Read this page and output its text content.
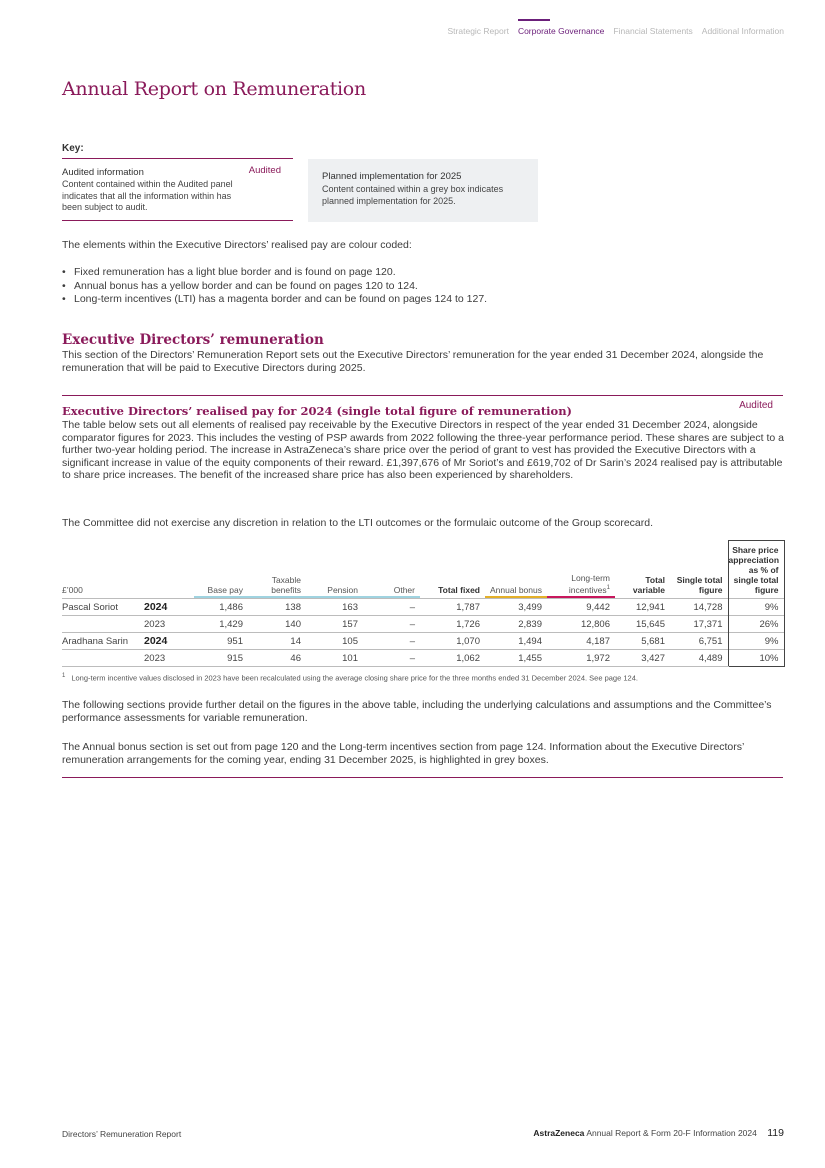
Strategic Report Corporate Governance Financial Statements Additional Information
Annual Report on Remuneration
Key:
Audited information	Audited
Content contained within the Audited panel indicates that all the information within has been subject to audit.
Planned implementation for 2025
Content contained within a grey box indicates planned implementation for 2025.
The elements within the Executive Directors’ realised pay are colour coded:
• Fixed remuneration has a light blue border and is found on page 120.
• Annual bonus has a yellow border and can be found on pages 120 to 124.
• Long-term incentives (LTI) has a magenta border and can be found on pages 124 to 127.
Executive Directors’ remuneration
This section of the Directors’ Remuneration Report sets out the Executive Directors’ remuneration for the year ended 31 December 2024, alongside the remuneration that will be paid to Executive Directors during 2025.
Executive Directors’ realised pay for 2024 (single total figure of remuneration)	Audited
The table below sets out all elements of realised pay receivable by the Executive Directors in respect of the year ended 31 December 2024, alongside comparator figures for 2023. This includes the vesting of PSP awards from 2022 following the three-year performance period. These shares are subject to a further two-year holding period. The increase in AstraZeneca’s share price over the period of grant to vest has provided the Executive Directors with a significant increase in value of the equity components of their reward. £1,397,676 of Mr Soriot’s and £619,702 of Dr Sarin’s 2024 realised pay is attributable to share price increases. The benefit of the increased share price has also been experienced by shareholders.
The Committee did not exercise any discretion in relation to the LTI outcomes or the formulaic outcome of the Group scorecard.
£’000		Base pay	Taxable benefits	Pension	Other	Total fixed	Annual bonus	Long-term incentives$^1$	Total variable	Single total figure	Share price appreciation as % of single total figure
Pascal Soriot	2024	1,486	138	163	–	1,787	3,499	9,442	12,941	14,728	9%
	2023	1,429	140	157	–	1,726	2,839	12,806	15,645	17,371	26%
Aradhana Sarin	2024	951	14	105	–	1,070	1,494	4,187	5,681	6,751	9%
	2023	915	46	101	–	1,062	1,455	1,972	3,427	4,489	10%
$^1$ Long-term incentive values disclosed in 2023 have been recalculated using the average closing share price for the three months ended 31 December 2024. See page 124.
The following sections provide further detail on the figures in the above table, including the underlying calculations and assumptions and the Committee’s performance assessments for variable remuneration.
The Annual bonus section is set out from page 120 and the Long-term incentives section from page 124. Information about the Executive Directors’ remuneration arrangements for the coming year, ending 31 December 2025, is highlighted in grey boxes.
Directors’ Remuneration Report	AstraZeneca Annual Report & Form 20-F Information 2024 119
